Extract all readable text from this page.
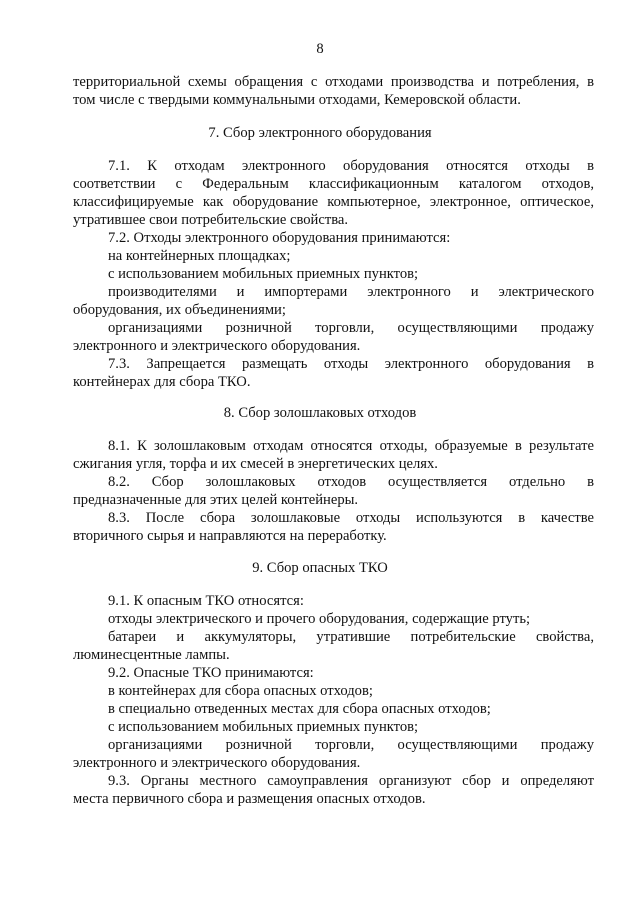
8
территориальной схемы обращения с отходами производства и потребления, в
том числе с твердыми коммунальными отходами, Кемеровской области.
7. Сбор электронного оборудования
7.1. К отходам электронного оборудования относятся отходы в
соответствии с Федеральным классификационным каталогом отходов,
классифицируемые как оборудование компьютерное, электронное, оптическое,
утратившее свои потребительские свойства.
7.2. Отходы электронного оборудования принимаются:
на контейнерных площадках;
с использованием мобильных приемных пунктов;
производителями и импортерами электронного и электрического
оборудования, их объединениями;
организациями розничной торговли, осуществляющими продажу
электронного и электрического оборудования.
7.3. Запрещается размещать отходы электронного оборудования в
контейнерах для сбора ТКО.
8. Сбор золошлаковых отходов
8.1. К золошлаковым отходам относятся отходы, образуемые в результате
сжигания угля, торфа и их смесей в энергетических целях.
8.2. Сбор золошлаковых отходов осуществляется отдельно в
предназначенные для этих целей контейнеры.
8.3. После сбора золошлаковые отходы используются в качестве
вторичного сырья и направляются на переработку.
9. Сбор опасных ТКО
9.1. К опасным ТКО относятся:
отходы электрического и прочего оборудования, содержащие ртуть;
батареи и аккумуляторы, утратившие потребительские свойства,
люминесцентные лампы.
9.2. Опасные ТКО принимаются:
в контейнерах для сбора опасных отходов;
в специально отведенных местах для сбора опасных отходов;
с использованием мобильных приемных пунктов;
организациями розничной торговли, осуществляющими продажу
электронного и электрического оборудования.
9.3. Органы местного самоуправления организуют сбор и определяют
места первичного сбора и размещения опасных отходов.
